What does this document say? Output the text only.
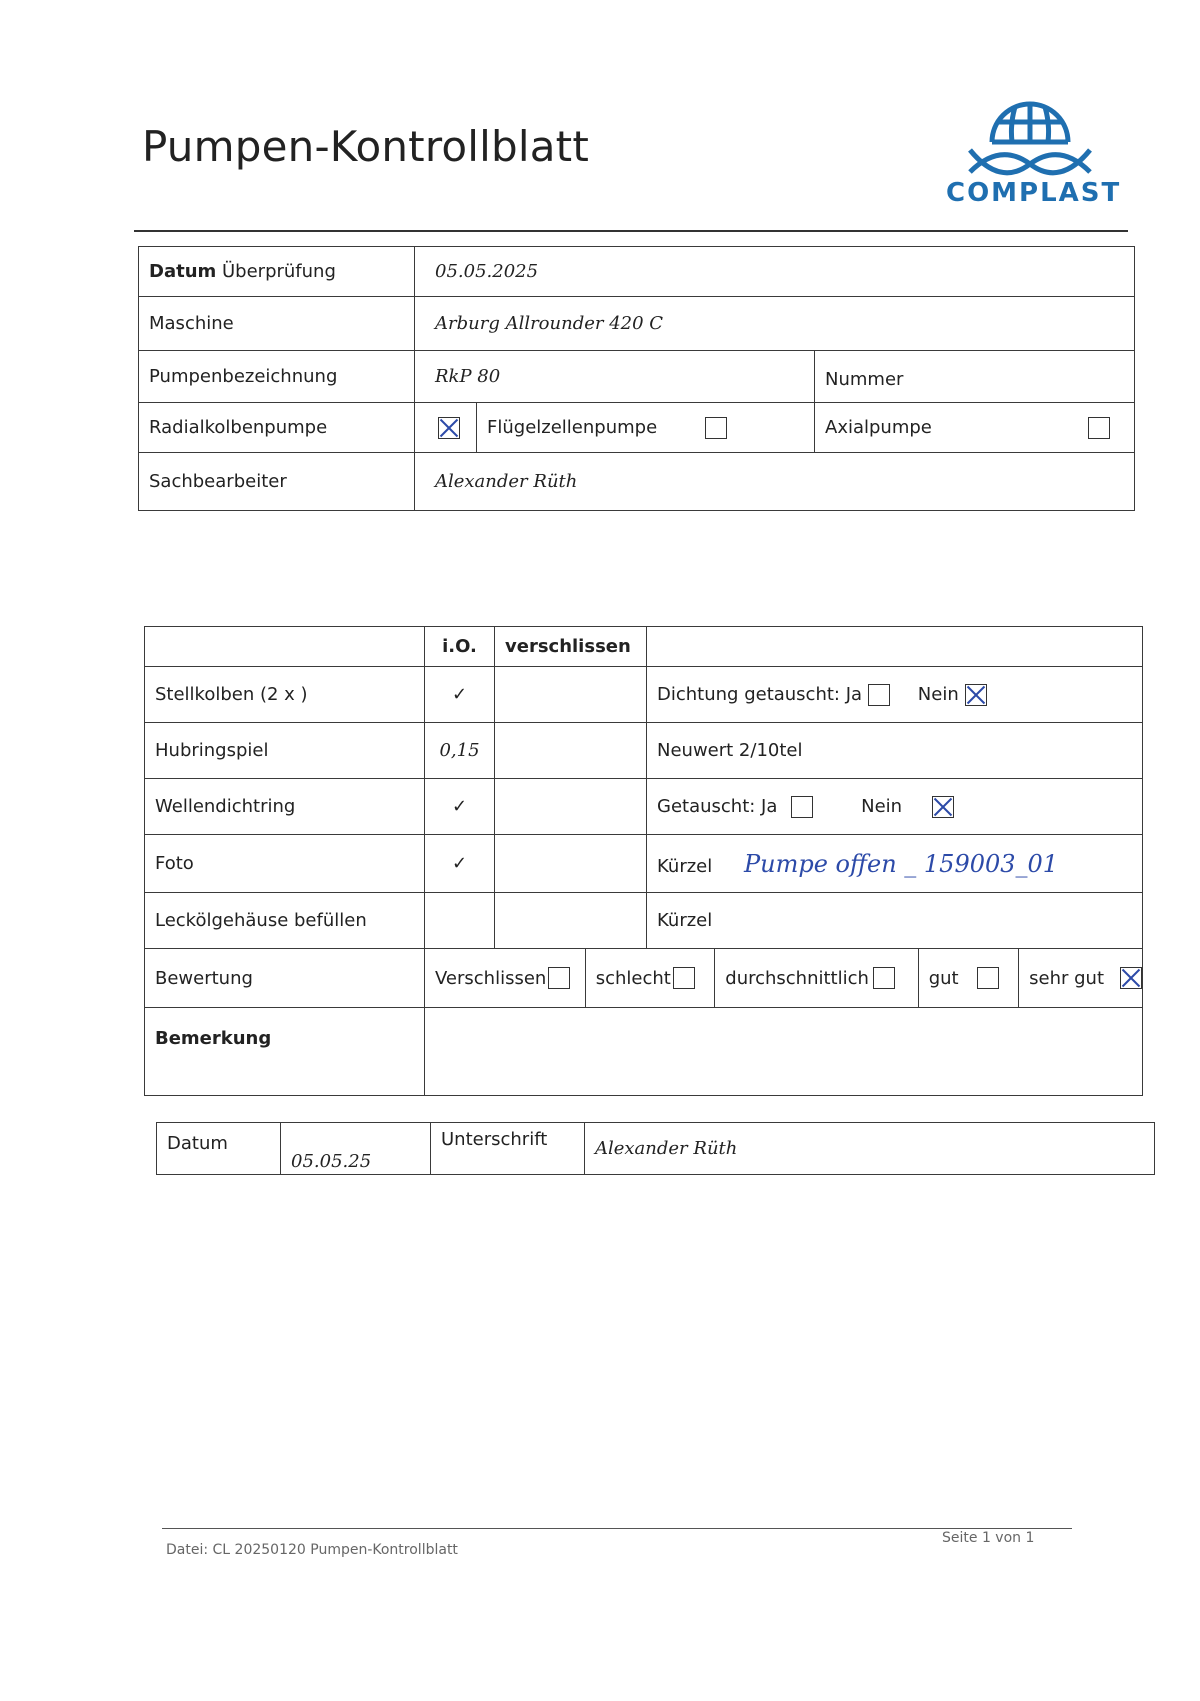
Pumpen-Kontrollblatt
COMPLAST
Datum Überprüfung	05.05.2025		
Maschine	Arburg Allrounder 420 C		
Pumpenbezeichnung	RkP 80		Nummer
Radialkolbenpumpe		Flügelzellenpumpe	Axialpumpe
Sachbearbeiter	Alexander Rüth		
	i.O.	verschlissen	
Stellkolben (2 x )	✓		Dichtung getauscht: Ja Nein
Hubringspiel	0,15		Neuwert 2/10tel
Wellendichtring	✓		Getauscht: Ja Nein
Foto	✓		Kürzel Pumpe offen _ 159003_01
Leckölgehäuse befüllen			Kürzel
Bewertung	Verschlissen schlecht durchschnittlich gut sehr gut		

Bemerkung			
Datum	05.05.25	Unterschrift	Alexander Rüth
Datei: CL 20250120 Pumpen-Kontrollblatt
Seite 1 von 1
